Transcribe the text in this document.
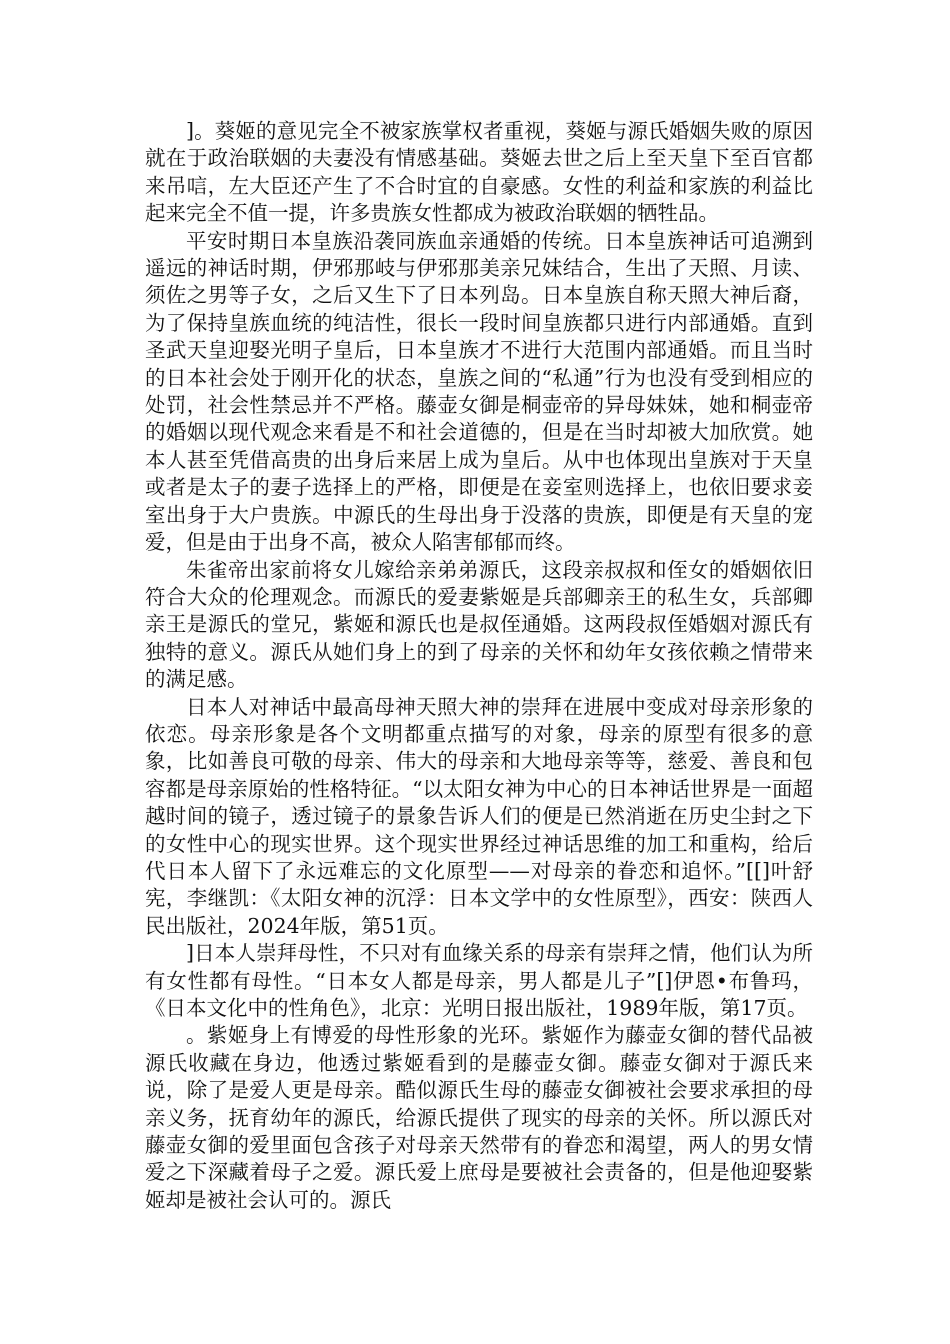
]。葵姬的意见完全不被家族掌权者重视，葵姬与源氏婚姻失败的原因就在于政治联姻的夫妻没有情感基础。葵姬去世之后上至天皇下至百官都来吊唁，左大臣还产生了不合时宜的自豪感。女性的利益和家族的利益比起来完全不值一提，许多贵族女性都成为被政治联姻的牺牲品。

平安时期日本皇族沿袭同族血亲通婚的传统。日本皇族神话可追溯到遥远的神话时期，伊邪那岐与伊邪那美亲兄妹结合，生出了天照、月读、须佐之男等子女，之后又生下了日本列岛。日本皇族自称天照大神后裔，为了保持皇族血统的纯洁性，很长一段时间皇族都只进行内部通婚。直到圣武天皇迎娶光明子皇后，日本皇族才不进行大范围内部通婚。而且当时的日本社会处于刚开化的状态，皇族之间的“私通”行为也没有受到相应的处罚，社会性禁忌并不严格。藤壶女御是桐壶帝的异母妹妹，她和桐壶帝的婚姻以现代观念来看是不和社会道德的，但是在当时却被大加欣赏。她本人甚至凭借高贵的出身后来居上成为皇后。从中也体现出皇族对于天皇或者是太子的妻子选择上的严格，即便是在妾室则选择上，也依旧要求妾室出身于大户贵族。中源氏的生母出身于没落的贵族，即便是有天皇的宠爱，但是由于出身不高，被众人陷害郁郁而终。

朱雀帝出家前将女儿嫁给亲弟弟源氏，这段亲叔叔和侄女的婚姻依旧符合大众的伦理观念。而源氏的爱妻紫姬是兵部卿亲王的私生女，兵部卿亲王是源氏的堂兄，紫姬和源氏也是叔侄通婚。这两段叔侄婚姻对源氏有独特的意义。源氏从她们身上的到了母亲的关怀和幼年女孩依赖之情带来的满足感。

日本人对神话中最高母神天照大神的崇拜在进展中变成对母亲形象的依恋。母亲形象是各个文明都重点描写的对象，母亲的原型有很多的意象，比如善良可敬的母亲、伟大的母亲和大地母亲等等，慈爱、善良和包容都是母亲原始的性格特征。“以太阳女神为中心的日本神话世界是一面超越时间的镜子，透过镜子的景象告诉人们的便是已然消逝在历史尘封之下的女性中心的现实世界。这个现实世界经过神话思维的加工和重构，给后代日本人留下了永远难忘的文化原型——对母亲的眷恋和追怀。”[[]叶舒宪，李继凯：《太阳女神的沉浮：日本文学中的女性原型》，西安：陕西人民出版社，2024年版，第51页。

]日本人崇拜母性，不只对有血缘关系的母亲有崇拜之情，他们认为所有女性都有母性。“日本女人都是母亲，男人都是儿子”[]伊恩•布鲁玛，《日本文化中的性角色》，北京：光明日报出版社，1989年版，第17页。

。紫姬身上有博爱的母性形象的光环。紫姬作为藤壶女御的替代品被源氏收藏在身边，他透过紫姬看到的是藤壶女御。藤壶女御对于源氏来说，除了是爱人更是母亲。酷似源氏生母的藤壶女御被社会要求承担的母亲义务，抚育幼年的源氏，给源氏提供了现实的母亲的关怀。所以源氏对藤壶女御的爱里面包含孩子对母亲天然带有的眷恋和渴望，两人的男女情爱之下深藏着母子之爱。源氏爱上庶母是要被社会责备的，但是他迎娶紫姬却是被社会认可的。源氏
